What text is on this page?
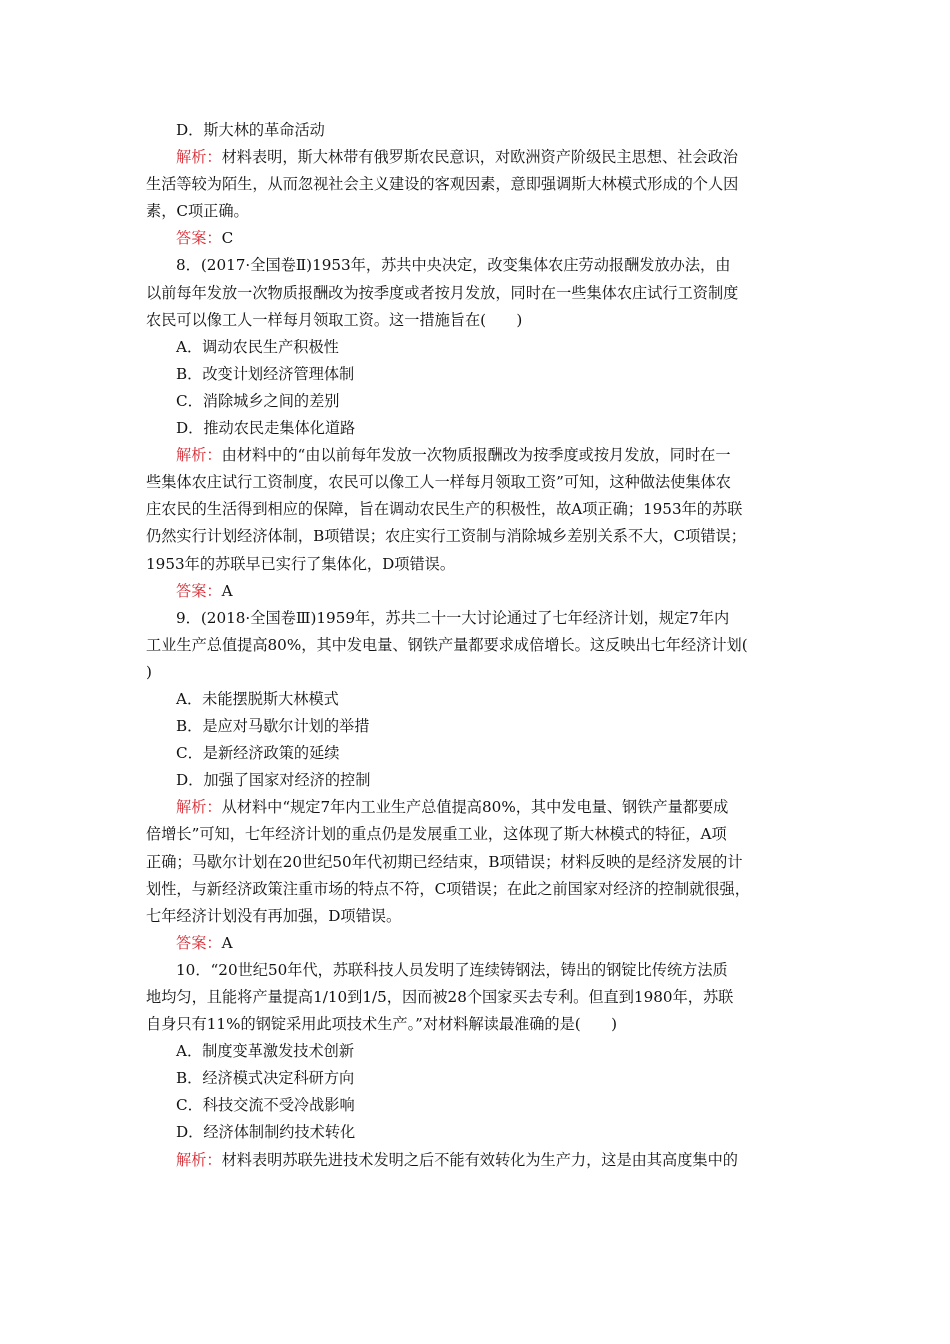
D．斯大林的革命活动
解析：材料表明，斯大林带有俄罗斯农民意识，对欧洲资产阶级民主思想、社会政治
生活等较为陌生，从而忽视社会主义建设的客观因素，意即强调斯大林模式形成的个人因
素，C项正确。
答案：C
8．(2017·全国卷Ⅱ)1953年，苏共中央决定，改变集体农庄劳动报酬发放办法，由
以前每年发放一次物质报酬改为按季度或者按月发放，同时在一些集体农庄试行工资制度
农民可以像工人一样每月领取工资。这一措施旨在(　　)
A．调动农民生产积极性
B．改变计划经济管理体制
C．消除城乡之间的差别
D．推动农民走集体化道路
解析：由材料中的“由以前每年发放一次物质报酬改为按季度或按月发放，同时在一
些集体农庄试行工资制度，农民可以像工人一样每月领取工资”可知，这种做法使集体农
庄农民的生活得到相应的保障，旨在调动农民生产的积极性，故A项正确；1953年的苏联
仍然实行计划经济体制，B项错误；农庄实行工资制与消除城乡差别关系不大，C项错误；
1953年的苏联早已实行了集体化，D项错误。
答案：A
9．(2018·全国卷Ⅲ)1959年，苏共二十一大讨论通过了七年经济计划，规定7年内
工业生产总值提高80%，其中发电量、钢铁产量都要求成倍增长。这反映出七年经济计划(
)
A．未能摆脱斯大林模式
B．是应对马歇尔计划的举措
C．是新经济政策的延续
D．加强了国家对经济的控制
解析：从材料中“规定7年内工业生产总值提高80%，其中发电量、钢铁产量都要成
倍增长”可知，七年经济计划的重点仍是发展重工业，这体现了斯大林模式的特征，A项
正确；马歇尔计划在20世纪50年代初期已经结束，B项错误；材料反映的是经济发展的计
划性，与新经济政策注重市场的特点不符，C项错误；在此之前国家对经济的控制就很强，
七年经济计划没有再加强，D项错误。
答案：A
10．“20世纪50年代，苏联科技人员发明了连续铸钢法，铸出的钢锭比传统方法质
地均匀，且能将产量提高1/10到1/5，因而被28个国家买去专利。但直到1980年，苏联
自身只有11%的钢锭采用此项技术生产。”对材料解读最准确的是(　　)
A．制度变革激发技术创新
B．经济模式决定科研方向
C．科技交流不受冷战影响
D．经济体制制约技术转化
解析：材料表明苏联先进技术发明之后不能有效转化为生产力，这是由其高度集中的
